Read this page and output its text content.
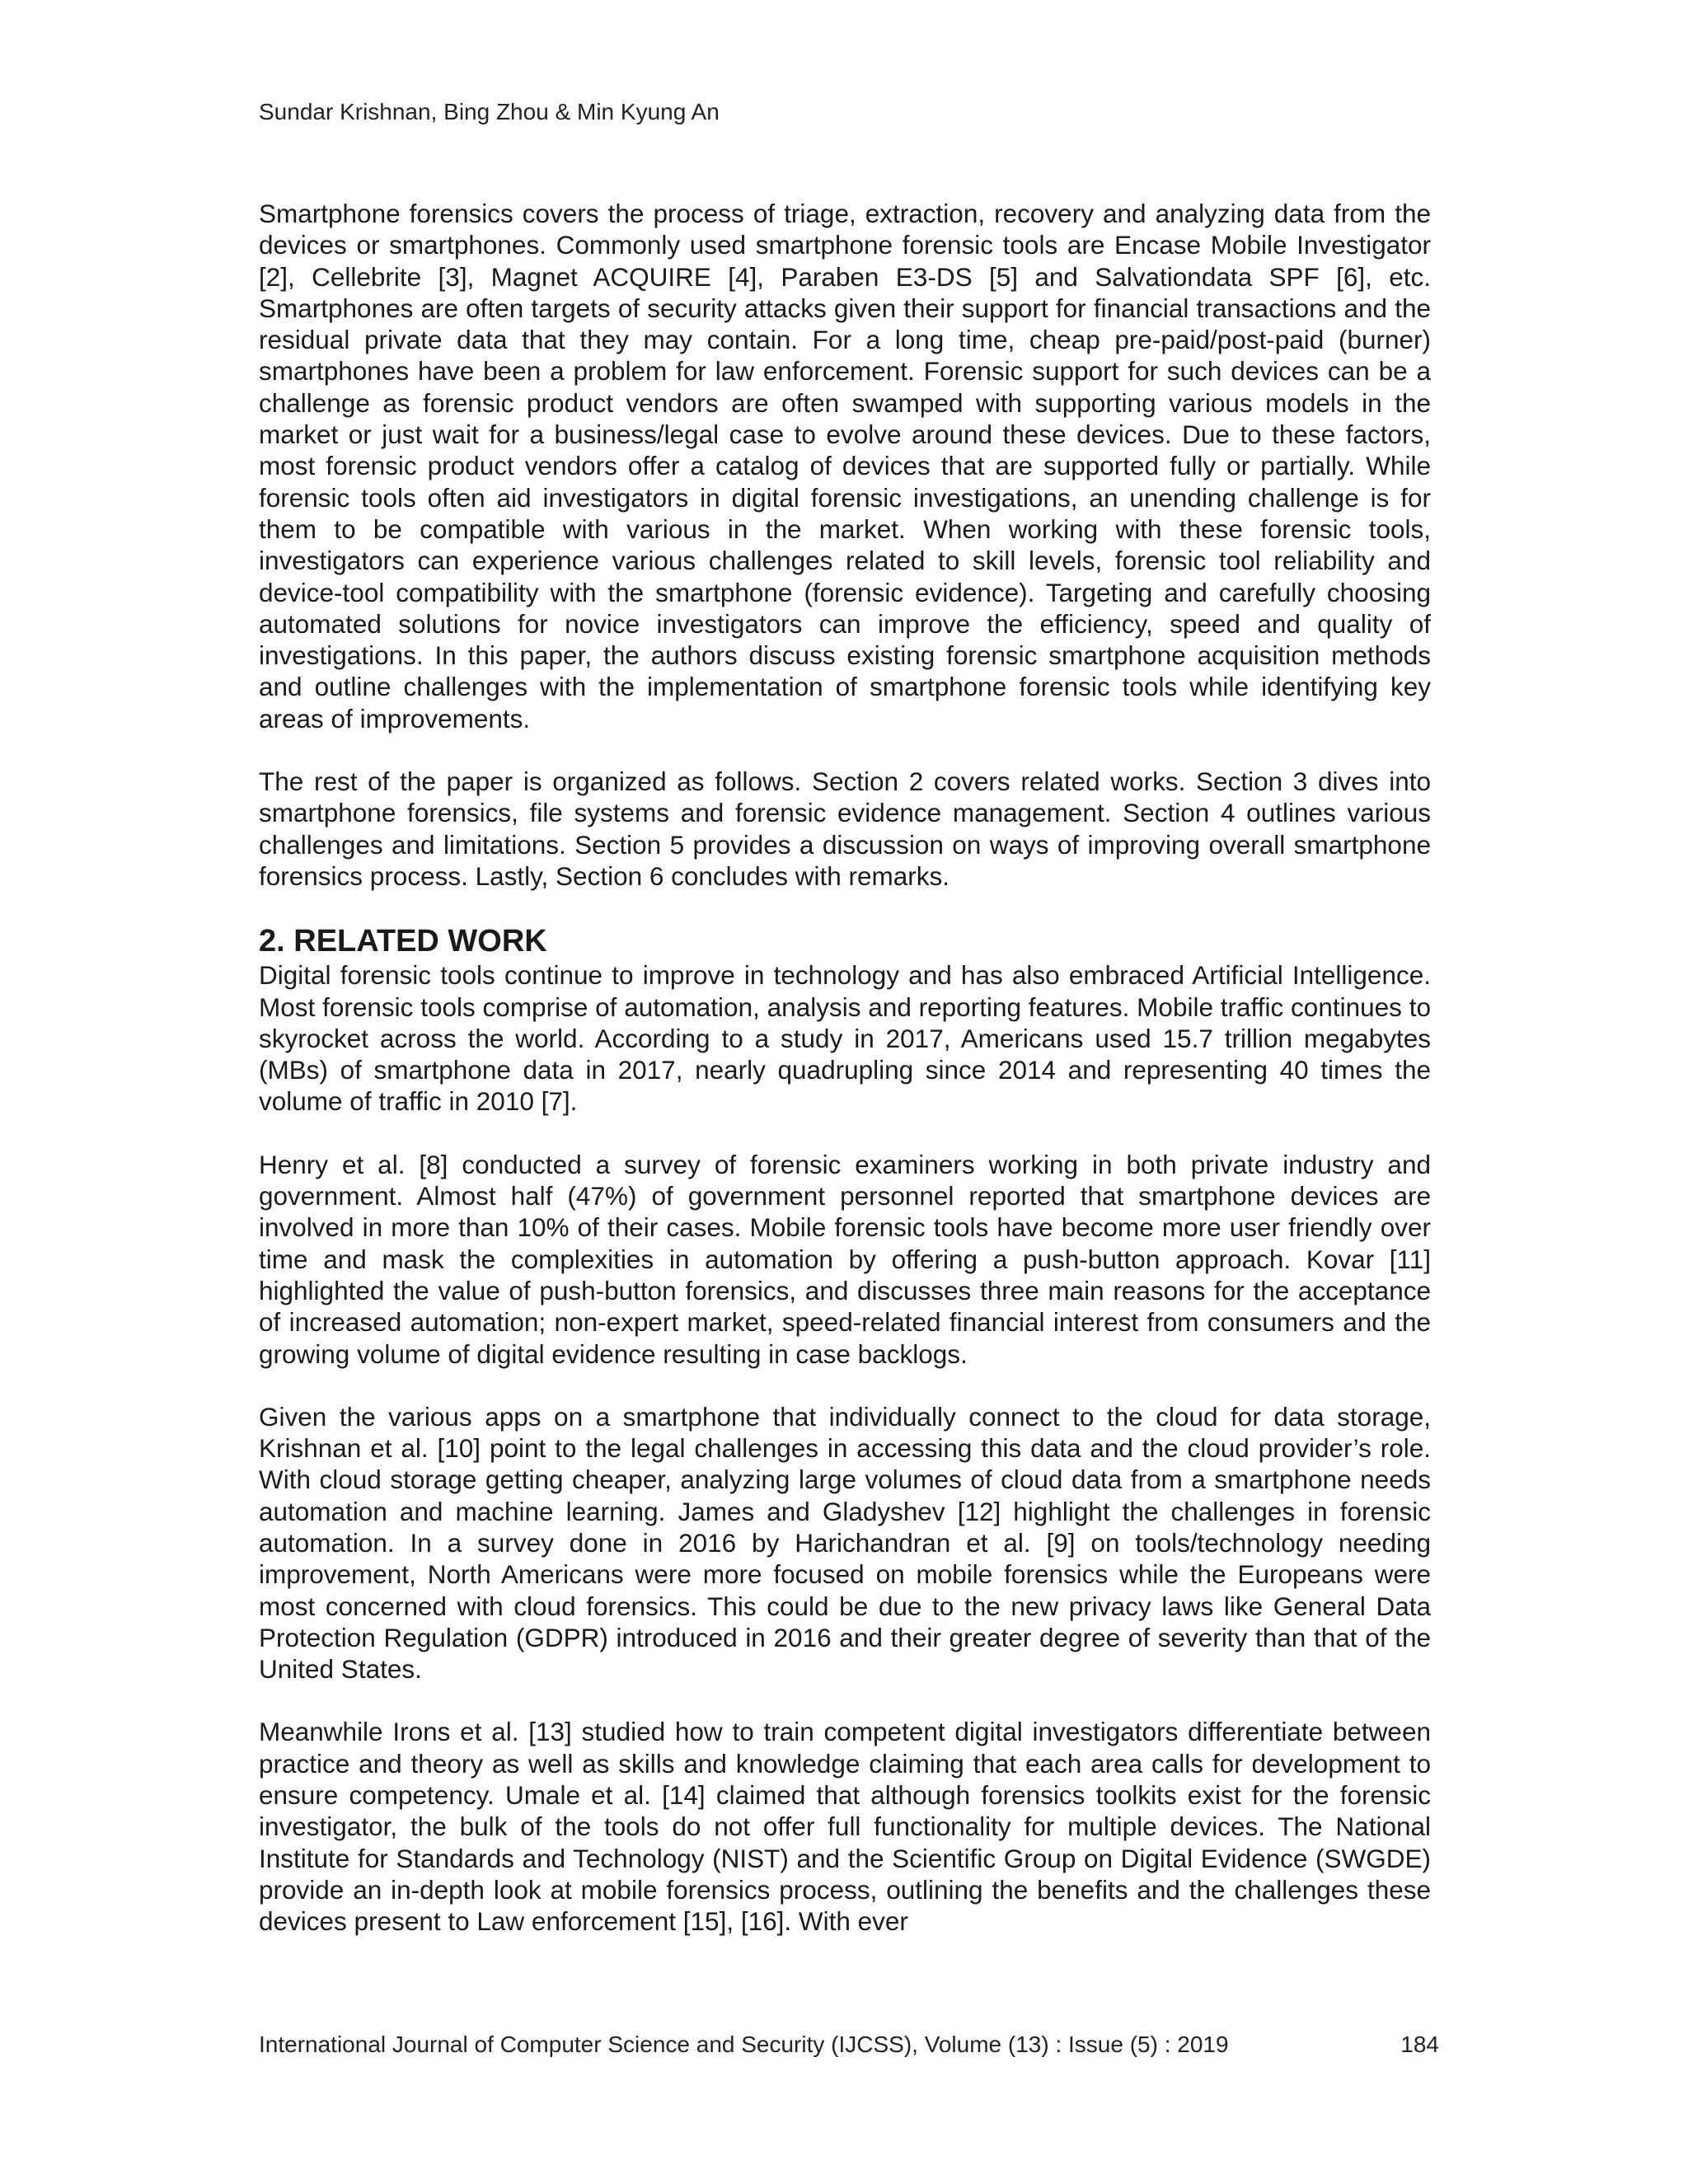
Sundar Krishnan, Bing Zhou & Min Kyung An

Smartphone forensics covers the process of triage, extraction, recovery and analyzing data from the devices or smartphones. Commonly used smartphone forensic tools are Encase Mobile Investigator [2], Cellebrite [3], Magnet ACQUIRE [4], Paraben E3-DS [5] and Salvationdata SPF [6], etc. Smartphones are often targets of security attacks given their support for financial transactions and the residual private data that they may contain. For a long time, cheap pre-paid/post-paid (burner) smartphones have been a problem for law enforcement. Forensic support for such devices can be a challenge as forensic product vendors are often swamped with supporting various models in the market or just wait for a business/legal case to evolve around these devices. Due to these factors, most forensic product vendors offer a catalog of devices that are supported fully or partially. While forensic tools often aid investigators in digital forensic investigations, an unending challenge is for them to be compatible with various in the market. When working with these forensic tools, investigators can experience various challenges related to skill levels, forensic tool reliability and device-tool compatibility with the smartphone (forensic evidence). Targeting and carefully choosing automated solutions for novice investigators can improve the efficiency, speed and quality of investigations. In this paper, the authors discuss existing forensic smartphone acquisition methods and outline challenges with the implementation of smartphone forensic tools while identifying key areas of improvements.

The rest of the paper is organized as follows. Section 2 covers related works. Section 3 dives into smartphone forensics, file systems and forensic evidence management. Section 4 outlines various challenges and limitations. Section 5 provides a discussion on ways of improving overall smartphone forensics process. Lastly, Section 6 concludes with remarks.

2. RELATED WORK

Digital forensic tools continue to improve in technology and has also embraced Artificial Intelligence. Most forensic tools comprise of automation, analysis and reporting features. Mobile traffic continues to skyrocket across the world. According to a study in 2017, Americans used 15.7 trillion megabytes (MBs) of smartphone data in 2017, nearly quadrupling since 2014 and representing 40 times the volume of traffic in 2010 [7].

Henry et al. [8] conducted a survey of forensic examiners working in both private industry and government. Almost half (47%) of government personnel reported that smartphone devices are involved in more than 10% of their cases. Mobile forensic tools have become more user friendly over time and mask the complexities in automation by offering a push-button approach. Kovar [11] highlighted the value of push-button forensics, and discusses three main reasons for the acceptance of increased automation; non-expert market, speed-related financial interest from consumers and the growing volume of digital evidence resulting in case backlogs.

Given the various apps on a smartphone that individually connect to the cloud for data storage, Krishnan et al. [10] point to the legal challenges in accessing this data and the cloud provider’s role. With cloud storage getting cheaper, analyzing large volumes of cloud data from a smartphone needs automation and machine learning. James and Gladyshev [12] highlight the challenges in forensic automation. In a survey done in 2016 by Harichandran et al. [9] on tools/technology needing improvement, North Americans were more focused on mobile forensics while the Europeans were most concerned with cloud forensics. This could be due to the new privacy laws like General Data Protection Regulation (GDPR) introduced in 2016 and their greater degree of severity than that of the United States.

Meanwhile Irons et al. [13] studied how to train competent digital investigators differentiate between practice and theory as well as skills and knowledge claiming that each area calls for development to ensure competency. Umale et al. [14] claimed that although forensics toolkits exist for the forensic investigator, the bulk of the tools do not offer full functionality for multiple devices. The National Institute for Standards and Technology (NIST) and the Scientific Group on Digital Evidence (SWGDE) provide an in-depth look at mobile forensics process, outlining the benefits and the challenges these devices present to Law enforcement [15], [16]. With ever

International Journal of Computer Science and Security (IJCSS), Volume (13) : Issue (5) : 2019	184
